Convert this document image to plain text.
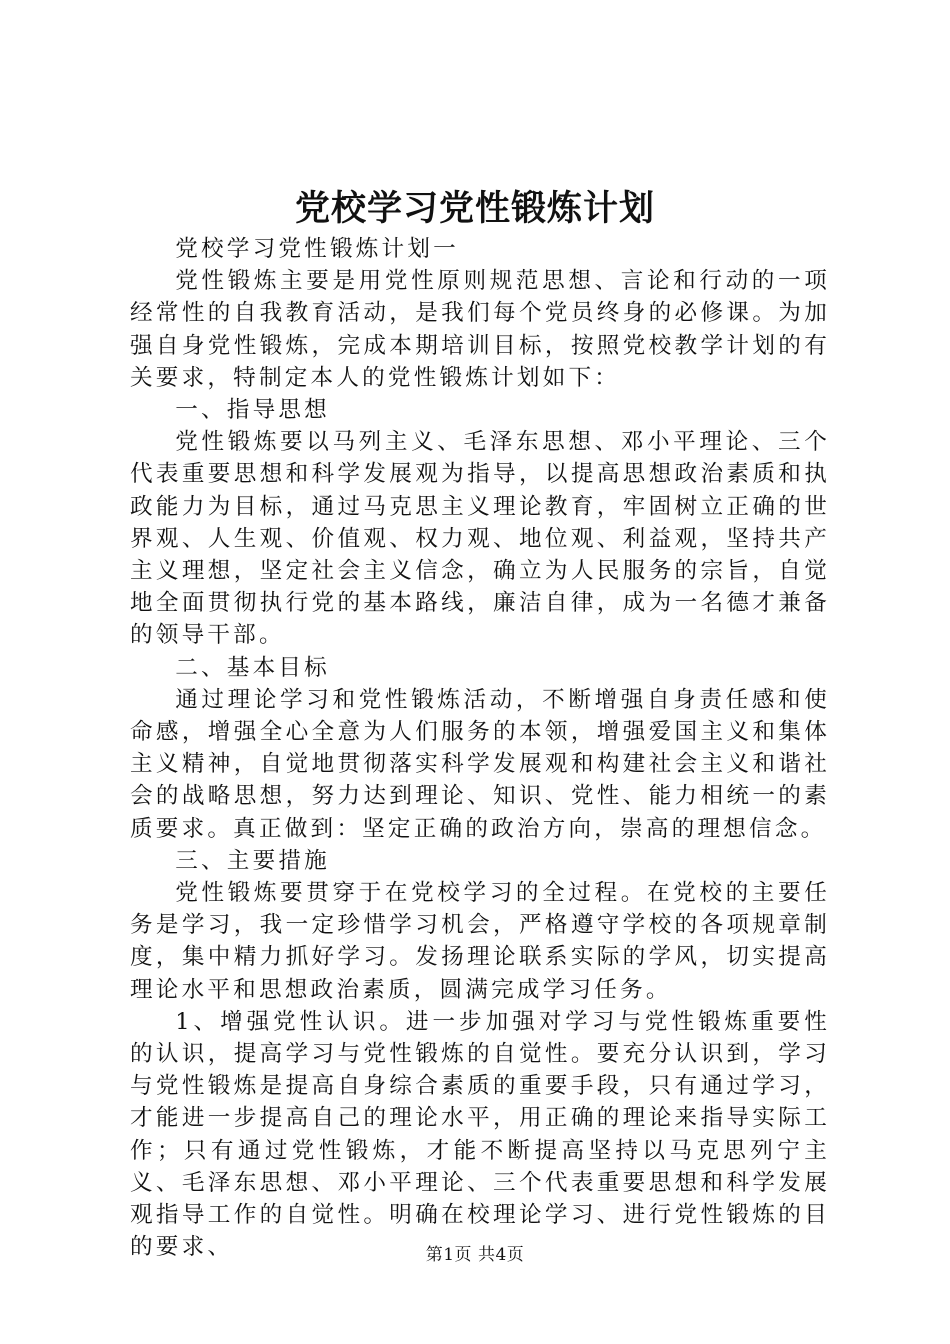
党校学习党性锻炼计划

党校学习党性锻炼计划一

党性锻炼主要是用党性原则规范思想、言论和行动的一项经常性的自我教育活动，是我们每个党员终身的必修课。为加强自身党性锻炼，完成本期培训目标，按照党校教学计划的有关要求，特制定本人的党性锻炼计划如下：

一、指导思想

党性锻炼要以马列主义、毛泽东思想、邓小平理论、三个代表重要思想和科学发展观为指导，以提高思想政治素质和执政能力为目标，通过马克思主义理论教育，牢固树立正确的世界观、人生观、价值观、权力观、地位观、利益观，坚持共产主义理想，坚定社会主义信念，确立为人民服务的宗旨，自觉地全面贯彻执行党的基本路线，廉洁自律，成为一名德才兼备的领导干部。

二、基本目标

通过理论学习和党性锻炼活动，不断增强自身责任感和使命感，增强全心全意为人们服务的本领，增强爱国主义和集体主义精神，自觉地贯彻落实科学发展观和构建社会主义和谐社会的战略思想，努力达到理论、知识、党性、能力相统一的素质要求。真正做到：坚定正确的政治方向，崇高的理想信念。

三、主要措施

党性锻炼要贯穿于在党校学习的全过程。在党校的主要任务是学习，我一定珍惜学习机会，严格遵守学校的各项规章制度，集中精力抓好学习。发扬理论联系实际的学风，切实提高理论水平和思想政治素质，圆满完成学习任务。

1、增强党性认识。进一步加强对学习与党性锻炼重要性的认识，提高学习与党性锻炼的自觉性。要充分认识到，学习与党性锻炼是提高自身综合素质的重要手段，只有通过学习，才能进一步提高自己的理论水平，用正确的理论来指导实际工作；只有通过党性锻炼，才能不断提高坚持以马克思列宁主义、毛泽东思想、邓小平理论、三个代表重要思想和科学发展观指导工作的自觉性。明确在校理论学习、进行党性锻炼的目的要求、	第1页 共4页
